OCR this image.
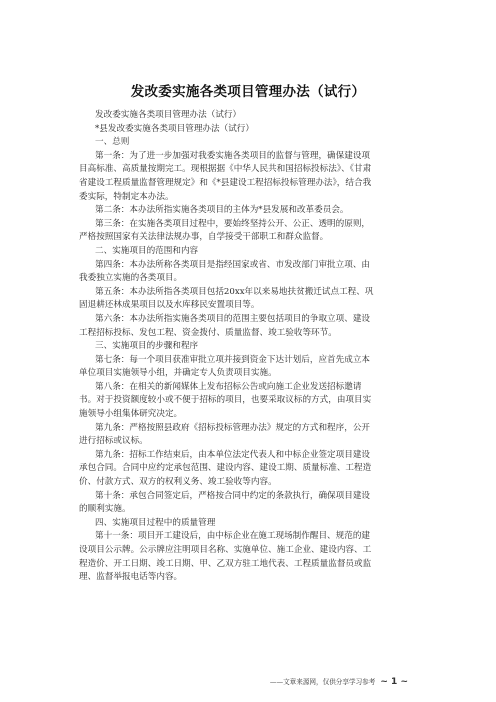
发改委实施各类项目管理办法（试行）
发改委实施各类项目管理办法（试行）
*县发改委实施各类项目管理办法（试行）
一、总则
第一条：为了进一步加强对我委实施各类项目的监督与管理，确保建设项
目高标准、高质量按期完工。现根据据《中华人民共和国招标投标法》、《甘肃
省建设工程质量监督管理规定》和《*县建设工程招标投标管理办法》，结合我
委实际，特制定本办法。
第二条：本办法所指实施各类项目的主体为*县发展和改革委员会。
第三条：在实施各类项目过程中，要始终坚持公开、公正、透明的原则，
严格按照国家有关法律法规办事，自学接受干部职工和群众监督。
二、实施项目的范围和内容
第四条：本办法所称各类项目是指经国家或省、市发改部门审批立项、由
我委独立实施的各类项目。
第五条：本办法所指各类项目包括20xx年以来易地扶贫搬迁试点工程、巩
固退耕还林成果项目以及水库移民安置项目等。
第六条：本办法所指实施各类项目的范围主要包括项目的争取立项、建设
工程招标投标、发包工程、资金拨付、质量监督、竣工验收等环节。
三、实施项目的步骤和程序
第七条：每一个项目获准审批立项并接到资金下达计划后，应首先成立本
单位项目实施领导小组，并确定专人负责项目实施。
第八条：在相关的新闻媒体上发布招标公告或向施工企业发送招标邀请
书。对于投资额度较小或不便于招标的项目，也要采取议标的方式，由项目实
施领导小组集体研究决定。
第九条：严格按照县政府《招标投标管理办法》规定的方式和程序，公开
进行招标或议标。
第九条：招标工作结束后，由本单位法定代表人和中标企业签定项目建设
承包合同。合同中应约定承包范围、建设内容、建设工期、质量标准、工程造
价、付款方式、双方的权利义务、竣工验收等内容。
第十条：承包合同签定后，严格按合同中约定的条款执行，确保项目建设
的顺利实施。
四、实施项目过程中的质量管理
第十一条：项目开工建设后，由中标企业在施工现场制作醒目、规范的建
设项目公示牌。公示牌应注明项目名称、实施单位、施工企业、建设内容、工
程造价、开工日期、竣工日期、甲、乙双方驻工地代表、工程质量监督员或监
理、监督举报电话等内容。
——文章来源网，仅供分享学习参考 ~ 1 ~
